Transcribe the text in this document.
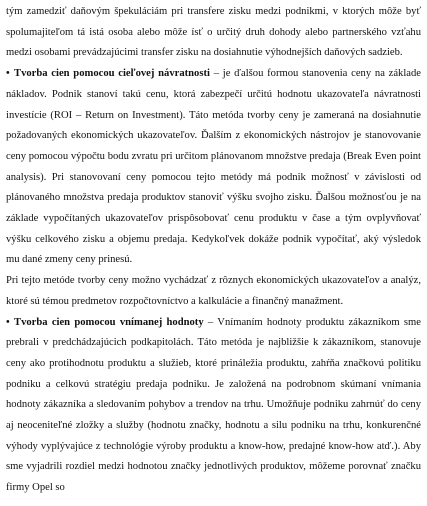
tým zamedziť daňovým špekuláciám pri transfere zisku medzi podnikmi, v ktorých môže byť spolumajiteľom tá istá osoba alebo môže ísť o určitý druh dohody alebo partnerského vzťahu medzi osobami prevádzajúcimi transfer zisku na dosiahnutie výhodnejších daňových sadzieb.

• Tvorba cien pomocou cieľovej návratnosti – je ďalšou formou stanovenia ceny na základe nákladov. Podnik stanoví takú cenu, ktorá zabezpečí určitú hodnotu ukazovateľa návratnosti investície (ROI – Return on Investment). Táto metóda tvorby ceny je zameraná na dosiahnutie požadovaných ekonomických ukazovateľov. Ďalším z ekonomických nástrojov je stanovovanie ceny pomocou výpočtu bodu zvratu pri určitom plánovanom množstve predaja (Break Even point analysis). Pri stanovovaní ceny pomocou tejto metódy má podnik možnosť v závislosti od plánovaného množstva predaja produktov stanoviť výšku svojho zisku. Ďalšou možnosťou je na základe vypočítaných ukazovateľov prispôsobovať cenu produktu v čase a tým ovplyvňovať výšku celkového zisku a objemu predaja. Kedykoľvek dokáže podnik vypočítať, aký výsledok mu dané zmeny ceny prinesú.

Pri tejto metóde tvorby ceny možno vychádzať z rôznych ekonomických ukazovateľov a analýz, ktoré sú témou predmetov rozpočtovníctvo a kalkulácie a finančný manažment.

• Tvorba cien pomocou vnímanej hodnoty – Vnímaním hodnoty produktu zákazníkom sme prebrali v predchádzajúcich podkapitolách. Táto metóda je najbližšie k zákazníkom, stanovuje ceny ako protihodnotu produktu a služieb, ktoré prináležia produktu, zahŕňa značkovú politiku podniku a celkovú stratégiu predaja podniku. Je založená na podrobnom skúmaní vnímania hodnoty zákazníka a sledovaním pohybov a trendov na trhu. Umožňuje podniku zahrnúť do ceny aj neoceniteľné zložky a služby (hodnotu značky, hodnotu a silu podniku na trhu, konkurenčné výhody vyplývajúce z technológie výroby produktu a know-how, predajné know-how atď.). Aby sme vyjadrili rozdiel medzi hodnotou značky jednotlivých produktov, môžeme porovnať značku firmy Opel so
